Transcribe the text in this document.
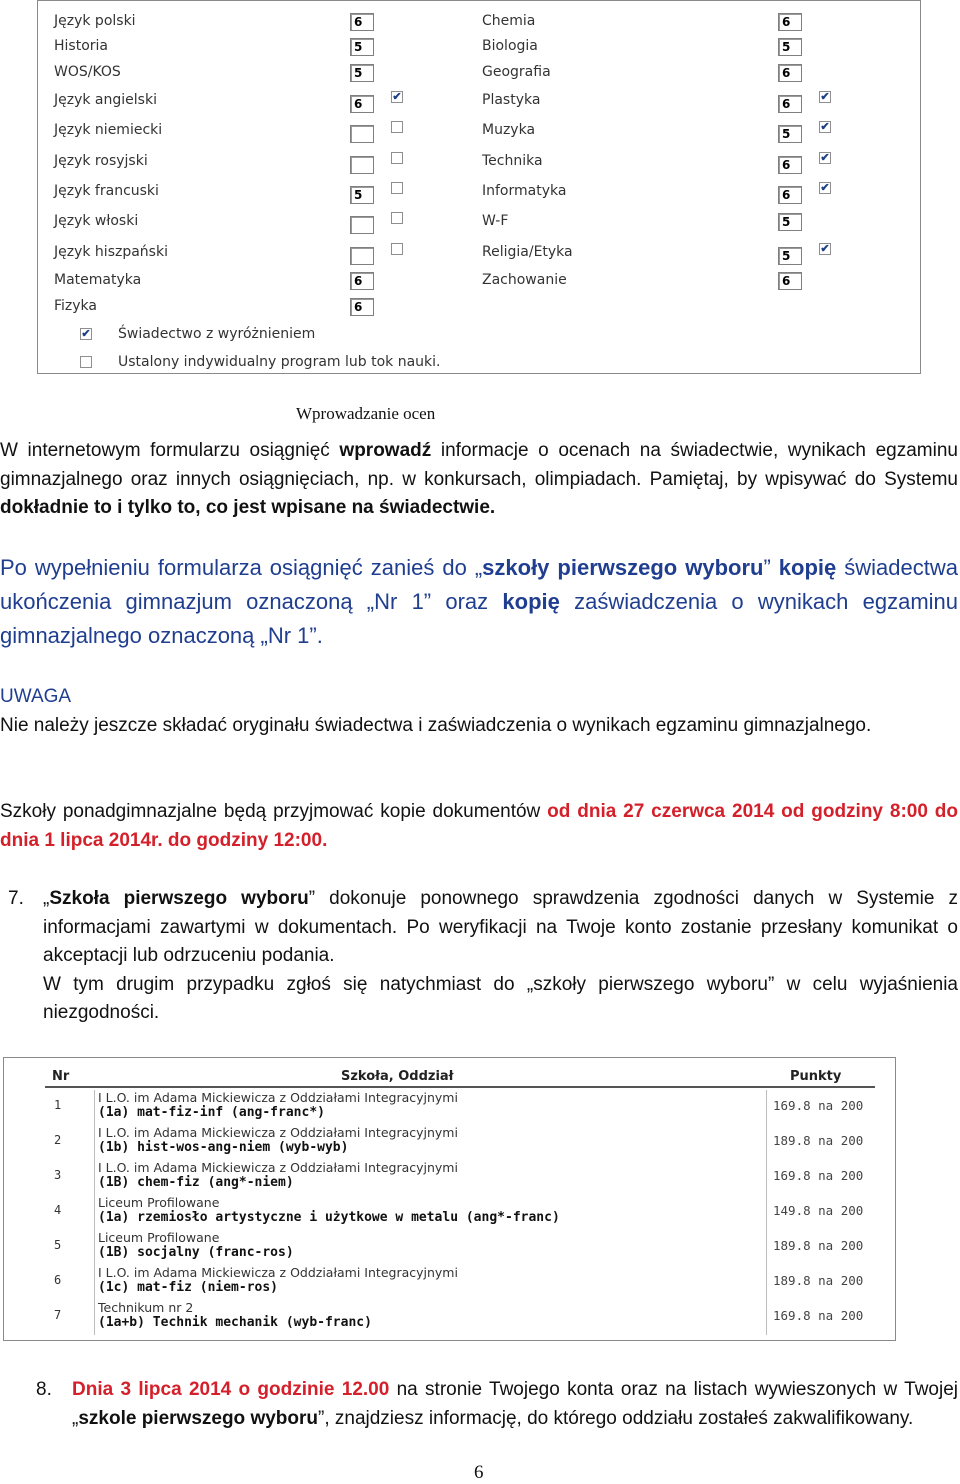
Język polski	6
Historia	5
WOS/KOS	5
Język angielski	6	✔
Język niemiecki
Język rosyjski
Język francuski	5
Język włoski
Język hiszpański
Matematyka	6
Fizyka	6
Chemia	6
Biologia	5
Geografia	6
Plastyka	6	✔
Muzyka	5	✔
Technika	6	✔
Informatyka	6	✔
W-F	5
Religia/Etyka	5	✔
Zachowanie	6
✔ Świadectwo z wyróżnieniem
Ustalony indywidualny program lub tok nauki.
Wprowadzanie ocen

W internetowym formularzu osiągnięć wprowadź informacje o ocenach na świadectwie, wynikach egzaminu gimnazjalnego oraz innych osiągnięciach, np. w konkursach, olimpiadach. Pamiętaj, by wpisywać do Systemu dokładnie to i tylko to, co jest wpisane na świadectwie.

Po wypełnieniu formularza osiągnięć zanieś do „szkoły pierwszego wyboru” kopię świadectwa ukończenia gimnazjum oznaczoną „Nr 1” oraz kopię zaświadczenia o wynikach egzaminu gimnazjalnego oznaczoną „Nr 1”.

UWAGA

Nie należy jeszcze składać oryginału świadectwa i zaświadczenia o wynikach egzaminu gimnazjalnego.

Szkoły ponadgimnazjalne będą przyjmować kopie dokumentów od dnia 27 czerwca 2014 od godziny 8:00 do dnia 1 lipca 2014r. do godziny 12:00.

7. „Szkoła pierwszego wyboru” dokonuje ponownego sprawdzenia zgodności danych w Systemie z informacjami zawartymi w dokumentach. Po weryfikacji na Twoje konto zostanie przesłany komunikat o akceptacji lub odrzuceniu podania.
W tym drugim przypadku zgłoś się natychmiast do „szkoły pierwszego wyboru” w celu wyjaśnienia niezgodności.

Nr	Szkoła, Oddział	Punkty
1	I L.O. im Adama Mickiewicza z Oddziałami Integracyjnymi
(1a) mat-fiz-inf (ang-franc*)	169.8 na 200
2	I L.O. im Adama Mickiewicza z Oddziałami Integracyjnymi
(1b) hist-wos-ang-niem (wyb-wyb)	189.8 na 200
3	I L.O. im Adama Mickiewicza z Oddziałami Integracyjnymi
(1B) chem-fiz (ang*-niem)	169.8 na 200
4	Liceum Profilowane
(1a) rzemiosło artystyczne i użytkowe w metalu (ang*-franc)	149.8 na 200
5	Liceum Profilowane
(1B) socjalny (franc-ros)	189.8 na 200
6	I L.O. im Adama Mickiewicza z Oddziałami Integracyjnymi
(1c) mat-fiz (niem-ros)	189.8 na 200
7	Technikum nr 2
(1a+b) Technik mechanik (wyb-franc)	169.8 na 200
8. Dnia 3 lipca 2014 o godzinie 12.00 na stronie Twojego konta oraz na listach wywieszonych w Twojej „szkole pierwszego wyboru”, znajdziesz informację, do którego oddziału zostałeś zakwalifikowany.

6
